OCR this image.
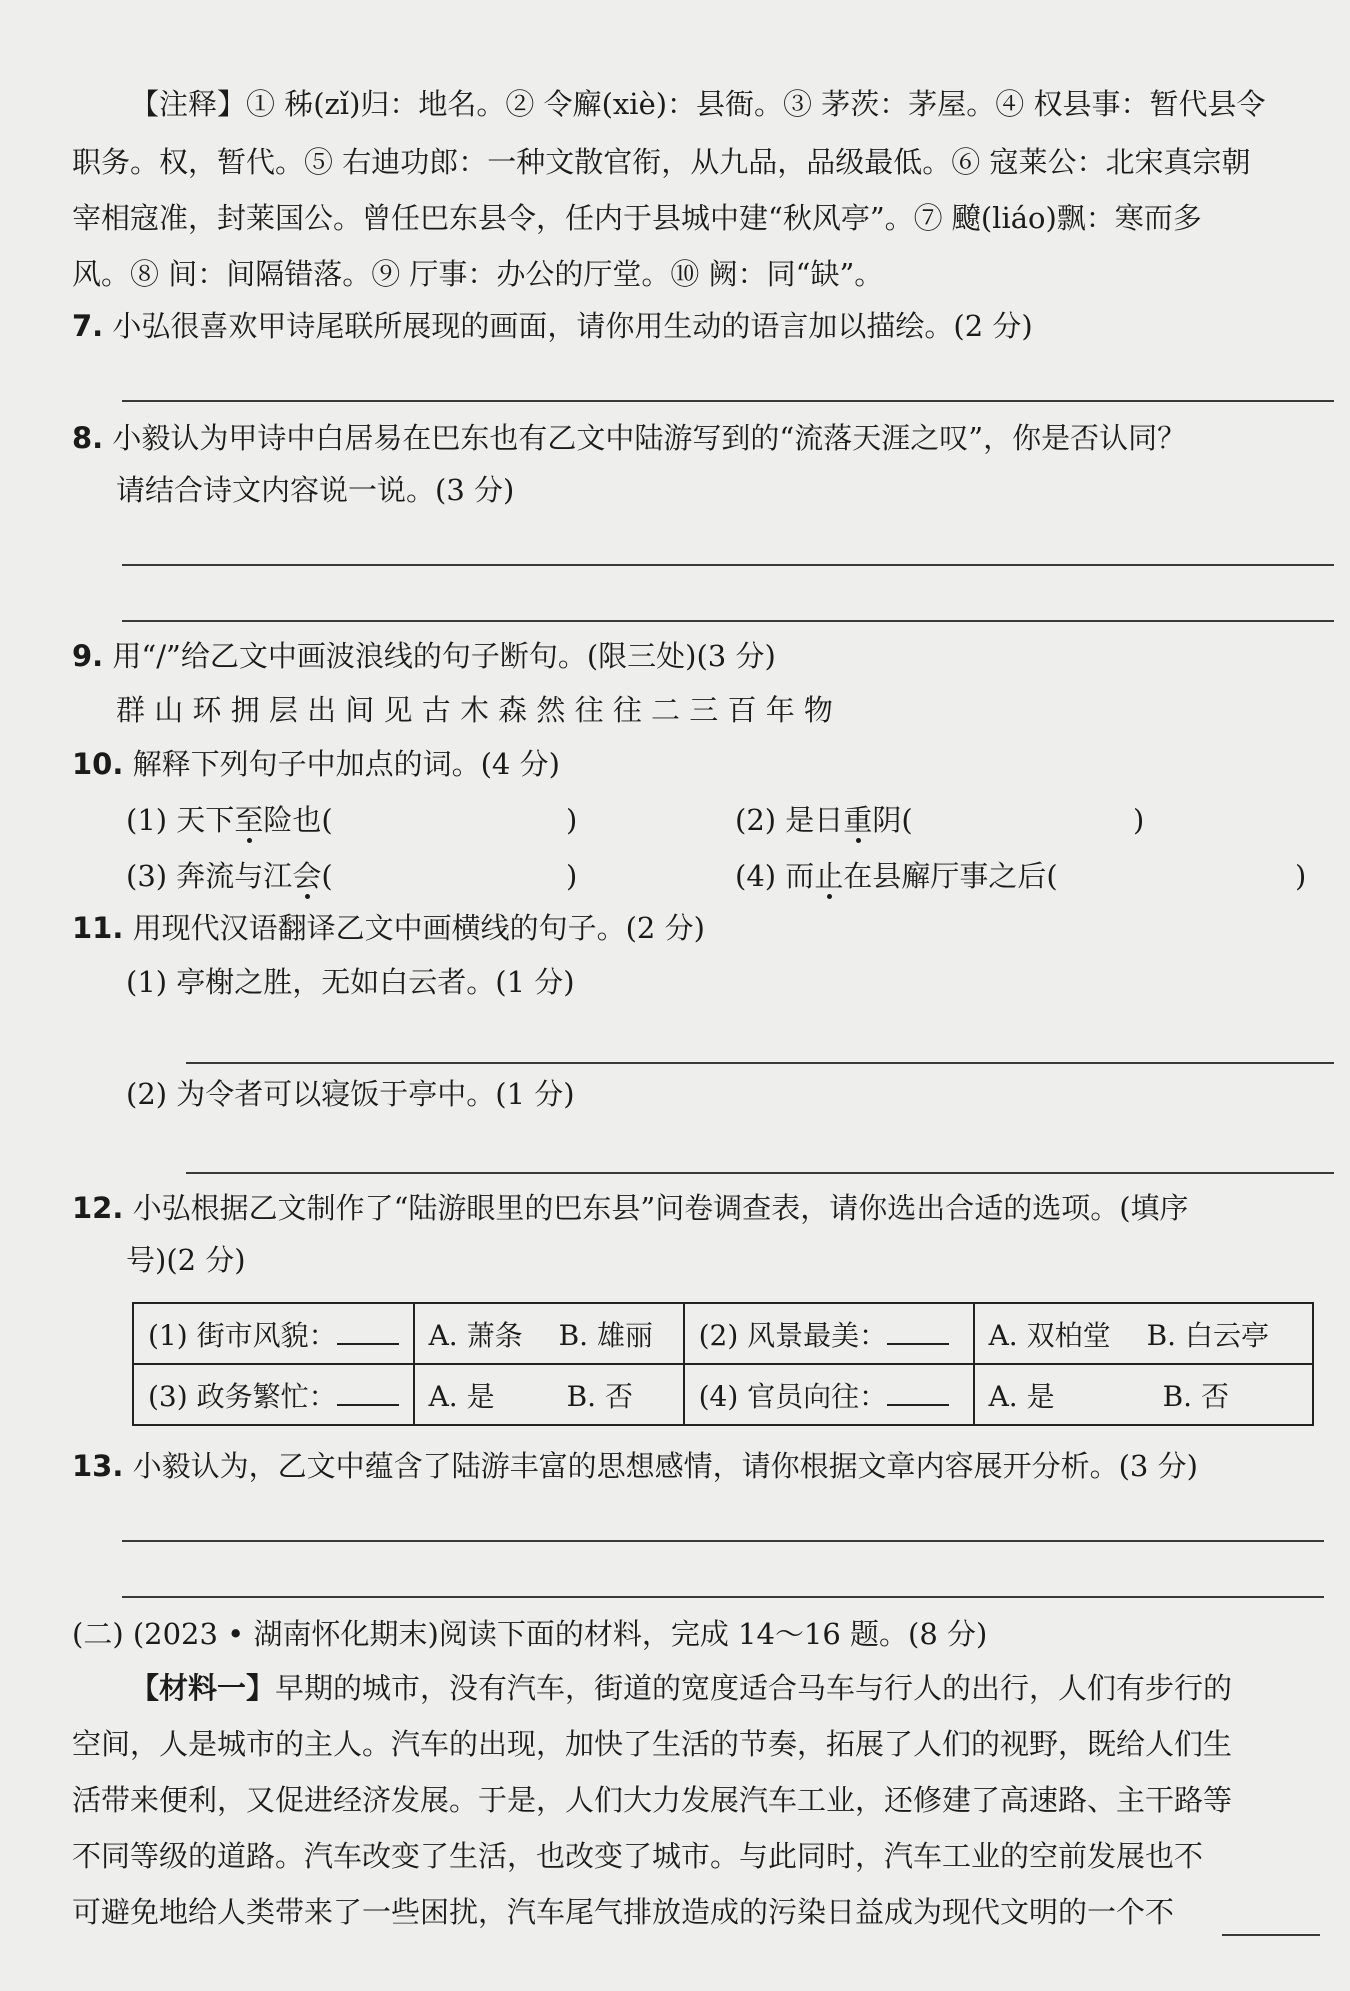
【注释】① 秭(zǐ)归：地名。② 令廨(xiè)：县衙。③ 茅茨：茅屋。④ 权县事：暂代县令
职务。权，暂代。⑤ 右迪功郎：一种文散官衔，从九品，品级最低。⑥ 寇莱公：北宋真宗朝
宰相寇准，封莱国公。曾任巴东县令，任内于县城中建“秋风亭”。⑦ 飉(liáo)飘：寒而多
风。⑧ 间：间隔错落。⑨ 厅事：办公的厅堂。⑩ 阙：同“缺”。
7. 小弘很喜欢甲诗尾联所展现的画面，请你用生动的语言加以描绘。(2 分)
8. 小毅认为甲诗中白居易在巴东也有乙文中陆游写到的“流落天涯之叹”，你是否认同？
请结合诗文内容说一说。(3 分)
9. 用“/”给乙文中画波浪线的句子断句。(限三处)(3 分)
群 山 环 拥 层 出 间 见 古 木 森 然 往 往 二 三 百 年 物
10. 解释下列句子中加点的词。(4 分)
(1) 天下至险也(	)	(2) 是日重阴(	)
(3) 奔流与江会(	)	(4) 而止在县廨厅事之后(	)
11. 用现代汉语翻译乙文中画横线的句子。(2 分)
(1) 亭榭之胜，无如白云者。(1 分)
(2) 为令者可以寝饭于亭中。(1 分)
12. 小弘根据乙文制作了“陆游眼里的巴东县”问卷调查表，请你选出合适的选项。(填序
号)(2 分)
(1) 街市风貌：	A. 萧条 B. 雄丽	(2) 风景最美：	A. 双柏堂 B. 白云亭
(3) 政务繁忙：	A. 是 B. 否	(4) 官员向往：	A. 是 B. 否
13. 小毅认为，乙文中蕴含了陆游丰富的思想感情，请你根据文章内容展开分析。(3 分)
(二) (2023 • 湖南怀化期末)阅读下面的材料，完成 14～16 题。(8 分)
【材料一】早期的城市，没有汽车，街道的宽度适合马车与行人的出行，人们有步行的
空间，人是城市的主人。汽车的出现，加快了生活的节奏，拓展了人们的视野，既给人们生
活带来便利，又促进经济发展。于是，人们大力发展汽车工业，还修建了高速路、主干路等
不同等级的道路。汽车改变了生活，也改变了城市。与此同时，汽车工业的空前发展也不
可避免地给人类带来了一些困扰，汽车尾气排放造成的污染日益成为现代文明的一个不
